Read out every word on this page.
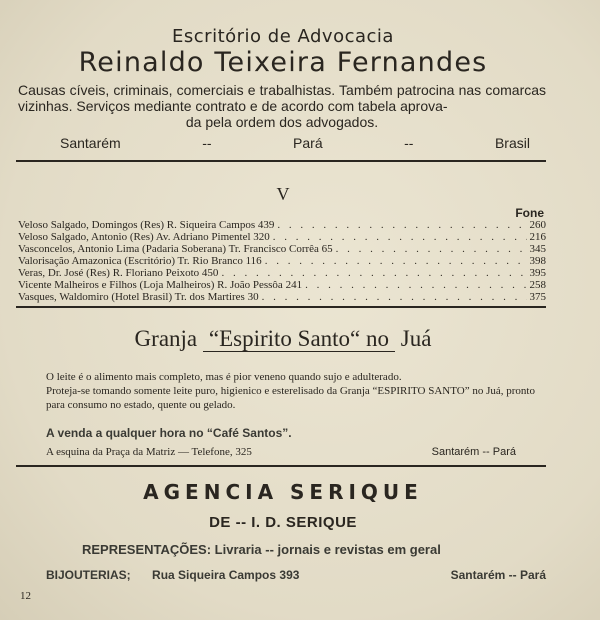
Escritório de Advocacia
Reinaldo Teixeira Fernandes
Causas cíveis, criminais, comerciais e trabalhistas. Também patrocina nas comarcas vizinhas. Serviços mediante contrato e de acordo com tabela aprova-
da pela ordem dos advogados.
Santarém	--	Pará	--	Brasil
V
Fone
Veloso Salgado, Domingos (Res) R. Siqueira Campos 439 . . .	260
Veloso Salgado, Antonio (Res) Av. Adriano Pimentel 320 . . .	216
Vasconcelos, Antonio Lima (Padaria Soberana) Tr. Francisco Corrêa 65 . . .	345
Valorisação Amazonica (Escritório) Tr. Rio Branco 116 . . .	398
Veras, Dr. José (Res) R. Floriano Peixoto 450 . . .	395
Vicente Malheiros e Filhos (Loja Malheiros) R. João Pessôa 241 . . .	258
Vasques, Waldomiro (Hotel Brasil) Tr. dos Martires 30 . . .	375
Granja “Espirito Santo“ no Juá

O leite é o alimento mais completo, mas é pior veneno quando sujo e adulterado.

Proteja-se tomando somente leite puro, higienico e esterelisado da Granja “ESPIRITO SANTO” no Juá, pronto para consumo no estado, quente ou gelado.

A venda a qualquer hora no “Café Santos”.
A esquina da Praça da Matriz — Telefone, 325	Santarém -- Pará
AGENCIA SERIQUE
DE -- I. D. SERIQUE
REPRESENTAÇÕES: Livraria -- jornais e revistas em geral
BIJOUTERIAS; Rua Siqueira Campos 393	Santarém -- Pará
12
